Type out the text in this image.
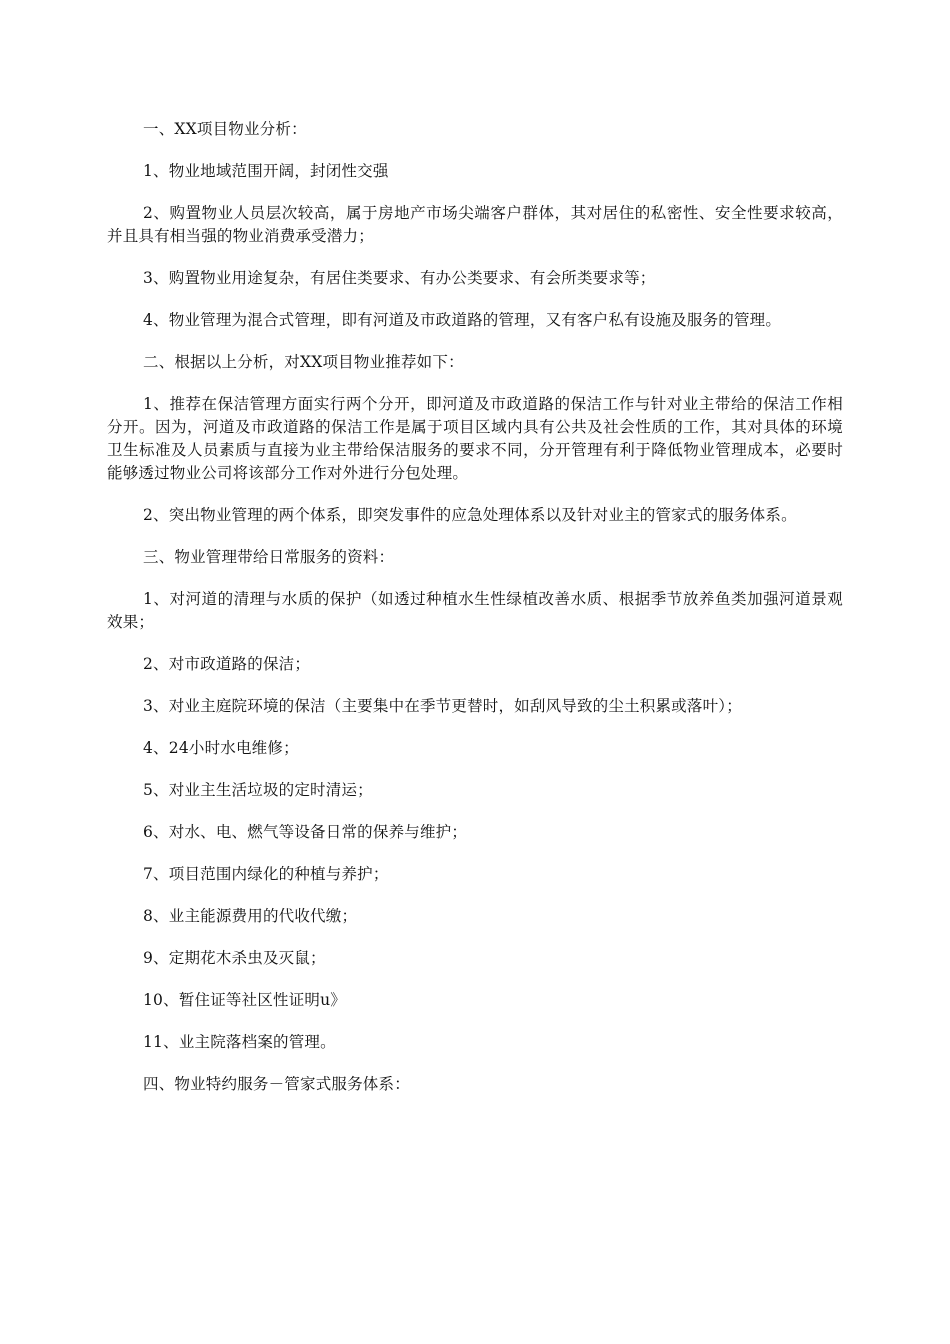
一、XX项目物业分析：

1、物业地域范围开阔，封闭性交强

2、购置物业人员层次较高，属于房地产市场尖端客户群体，其对居住的私密性、安全性要求较高，并且具有相当强的物业消费承受潜力；

3、购置物业用途复杂，有居住类要求、有办公类要求、有会所类要求等；

4、物业管理为混合式管理，即有河道及市政道路的管理，又有客户私有设施及服务的管理。

二、根据以上分析，对XX项目物业推荐如下：

1、推荐在保洁管理方面实行两个分开，即河道及市政道路的保洁工作与针对业主带给的保洁工作相分开。因为，河道及市政道路的保洁工作是属于项目区域内具有公共及社会性质的工作，其对具体的环境卫生标准及人员素质与直接为业主带给保洁服务的要求不同，分开管理有利于降低物业管理成本，必要时能够透过物业公司将该部分工作对外进行分包处理。

2、突出物业管理的两个体系，即突发事件的应急处理体系以及针对业主的管家式的服务体系。

三、物业管理带给日常服务的资料：

1、对河道的清理与水质的保护（如透过种植水生性绿植改善水质、根据季节放养鱼类加强河道景观效果；

2、对市政道路的保洁；

3、对业主庭院环境的保洁（主要集中在季节更替时，如刮风导致的尘土积累或落叶）；

4、24小时水电维修；

5、对业主生活垃圾的定时清运；

6、对水、电、燃气等设备日常的保养与维护；

7、项目范围内绿化的种植与养护；

8、业主能源费用的代收代缴；

9、定期花木杀虫及灭鼠；

10、暂住证等社区性证明u》

11、业主院落档案的管理。

四、物业特约服务－管家式服务体系：
